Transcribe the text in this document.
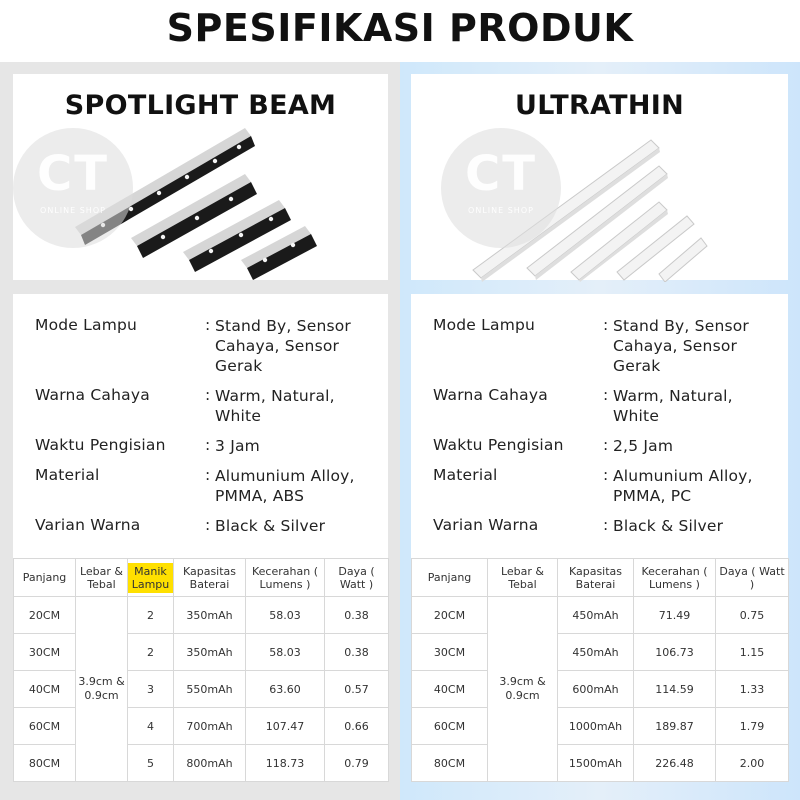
SPESIFIKASI PRODUK
SPOTLIGHT BEAM
CT
ONLINE SHOP
Mode Lampu	: Stand By, Sensor Cahaya, Sensor Gerak
Warna Cahaya	: Warm, Natural, White
Waktu Pengisian	: 3 Jam
Material	: Alumunium Alloy, PMMA, ABS
Varian Warna	: Black & Silver
Panjang	Lebar & Tebal	Manik Lampu	Kapasitas Baterai	Kecerahan ( Lumens )	Daya ( Watt )
20CM	3.9cm & 0.9cm	2	350mAh	58.03	0.38
30CM		2	350mAh	58.03	0.38
40CM		3	550mAh	63.60	0.57
60CM		4	700mAh	107.47	0.66
80CM		5	800mAh	118.73	0.79
ULTRATHIN
CT
ONLINE SHOP
Mode Lampu	: Stand By, Sensor Cahaya, Sensor Gerak
Warna Cahaya	: Warm, Natural, White
Waktu Pengisian	: 2,5 Jam
Material	: Alumunium Alloy, PMMA, PC
Varian Warna	: Black & Silver
Panjang	Lebar & Tebal	Kapasitas Baterai	Kecerahan ( Lumens )	Daya ( Watt )
20CM	3.9cm & 0.9cm	450mAh	71.49	0.75
30CM		450mAh	106.73	1.15
40CM		600mAh	114.59	1.33
60CM		1000mAh	189.87	1.79
80CM		1500mAh	226.48	2.00
